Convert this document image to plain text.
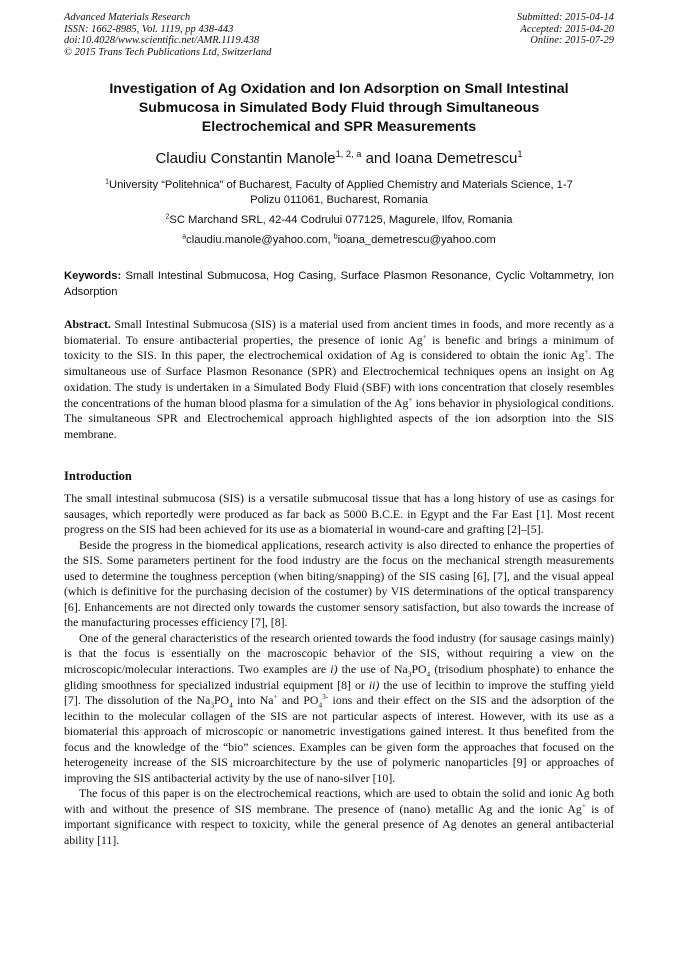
Advanced Materials Research
ISSN: 1662-8985, Vol. 1119, pp 438-443
doi:10.4028/www.scientific.net/AMR.1119.438
© 2015 Trans Tech Publications Ltd, Switzerland
Submitted: 2015-04-14
Accepted: 2015-04-20
Online: 2015-07-29
Investigation of Ag Oxidation and Ion Adsorption on Small Intestinal
Submucosa in Simulated Body Fluid through Simultaneous
Electrochemical and SPR Measurements
Claudiu Constantin Manole$^{1, 2, a}$ and Ioana Demetrescu$^1$
$^1$University “Politehnica” of Bucharest, Faculty of Applied Chemistry and Materials Science, 1-7
Polizu 011061, Bucharest, Romania
$^2$SC Marchand SRL, 42-44 Codrului 077125, Magurele, Ilfov, Romania
$^a$claudiu.manole@yahoo.com, $^b$ioana_demetrescu@yahoo.com
Keywords: Small Intestinal Submucosa, Hog Casing, Surface Plasmon Resonance, Cyclic Voltammetry, Ion Adsorption
Abstract. Small Intestinal Submucosa (SIS) is a material used from ancient times in foods, and more recently as a biomaterial. To ensure antibacterial properties, the presence of ionic Ag+ is benefic and brings a minimum of toxicity to the SIS. In this paper, the electrochemical oxidation of Ag is considered to obtain the ionic Ag+. The simultaneous use of Surface Plasmon Resonance (SPR) and Electrochemical techniques opens an insight on Ag oxidation. The study is undertaken in a Simulated Body Fluid (SBF) with ions concentration that closely resembles the concentrations of the human blood plasma for a simulation of the Ag+ ions behavior in physiological conditions. The simultaneous SPR and Electrochemical approach highlighted aspects of the ion adsorption into the SIS membrane.
Introduction

The small intestinal submucosa (SIS) is a versatile submucosal tissue that has a long history of use as casings for sausages, which reportedly were produced as far back as 5000 B.C.E. in Egypt and the Far East [1]. Most recent progress on the SIS had been achieved for its use as a biomaterial in wound-care and grafting [2]–[5].

Beside the progress in the biomedical applications, research activity is also directed to enhance the properties of the SIS. Some parameters pertinent for the food industry are the focus on the mechanical strength measurements used to determine the toughness perception (when biting/snapping) of the SIS casing [6], [7], and the visual appeal (which is definitive for the purchasing decision of the costumer) by VIS determinations of the optical transparency [6]. Enhancements are not directed only towards the customer sensory satisfaction, but also towards the increase of the manufacturing processes efficiency [7], [8].

One of the general characteristics of the research oriented towards the food industry (for sausage casings mainly) is that the focus is essentially on the macroscopic behavior of the SIS, without requiring a view on the microscopic/molecular interactions. Two examples are i) the use of $Na_3PO_4$ (trisodium phosphate) to enhance the gliding smoothness for specialized industrial equipment [8] or ii) the use of lecithin to improve the stuffing yield [7]. The dissolution of the $Na_3PO_4$ into Na+ and $PO_4^{3-}$ ions and their effect on the SIS and the adsorption of the lecithin to the molecular collagen of the SIS are not particular aspects of interest. However, with its use as a biomaterial this approach of microscopic or nanometric investigations gained interest. It thus benefited from the focus and the knowledge of the “bio” sciences. Examples can be given form the approaches that focused on the heterogeneity increase of the SIS microarchitecture by the use of polymeric nanoparticles [9] or approaches of improving the SIS antibacterial activity by the use of nano-silver [10].

The focus of this paper is on the electrochemical reactions, which are used to obtain the solid and ionic Ag both with and without the presence of SIS membrane. The presence of (nano) metallic Ag and the ionic Ag+ is of important significance with respect to toxicity, while the general presence of Ag denotes an general antibacterial ability [11].
